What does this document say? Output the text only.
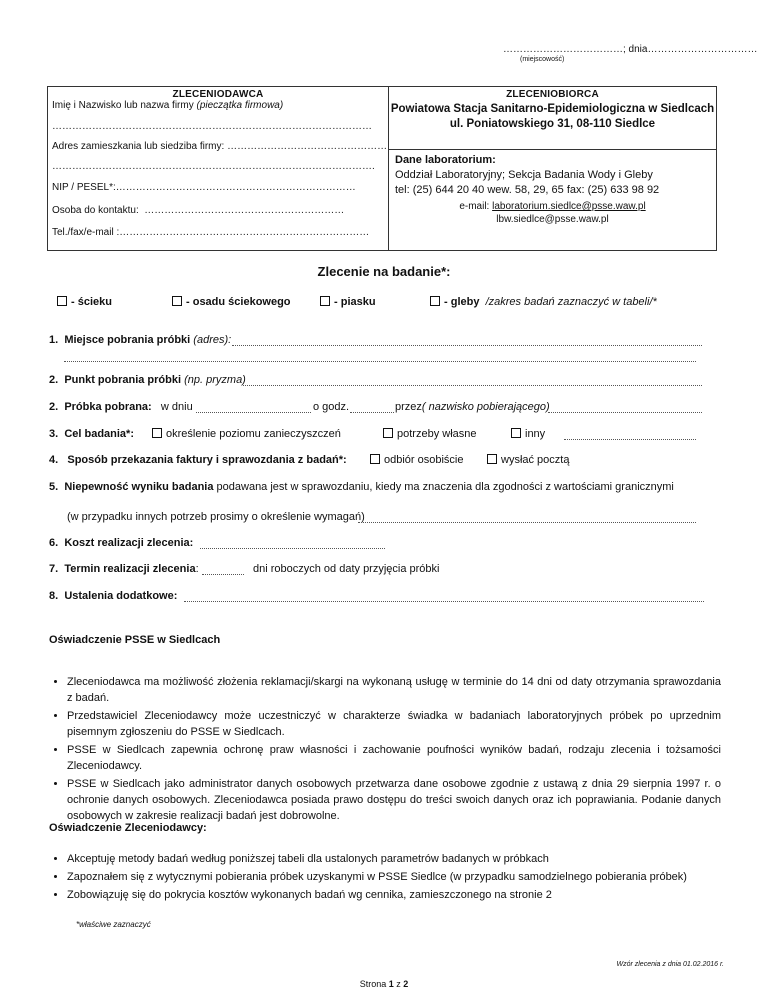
………………………………; dnia……………………………
(miejscowość)
ZLECENIODAWCA
Imię i Nazwisko lub nazwa firmy (pieczątka firmowa)
……………………………………………………………………………………
Adres zamieszkania lub siedziba firmy: …………………………………………
…………………………………………………………………………………….
NIP / PESEL*:………………………………………………………………
Osoba do kontaktu: ……………………………………………………
Tel./fax/e-mail :…………………………………………………………………
ZLECENIOBIORCA
Powiatowa Stacja Sanitarno-Epidemiologiczna w Siedlcach
ul. Poniatowskiego 31, 08-110 Siedlce
Dane laboratorium:
Oddział Laboratoryjny; Sekcja Badania Wody i Gleby
tel: (25) 644 20 40 wew. 58, 29, 65 fax: (25) 633 98 92
e-mail: laboratorium.siedlce@psse.waw.pl
lbw.siedlce@psse.waw.pl
Zlecenie na badanie*:
- ścieku	- osadu ściekowego	- piasku	- gleby /zakres badań zaznaczyć w tabeli/*
1. Miejsce pobrania próbki (adres):
2. Punkt pobrania próbki (np. pryzma)
2. Próbka pobrana: w dniu	o godz.	przez( nazwisko pobierającego)
3. Cel badania*:	określenie poziomu zanieczyszczeń	potrzeby własne	inny
4. Sposób przekazania faktury i sprawozdania z badań*:	odbiór osobiście	wysłać pocztą
5. Niepewność wyniku badania podawana jest w sprawozdaniu, kiedy ma znaczenia dla zgodności z wartościami granicznymi
(w przypadku innych potrzeb prosimy o określenie wymagań)
6. Koszt realizacji zlecenia:
7. Termin realizacji zlecenia:	dni roboczych od daty przyjęcia próbki
8. Ustalenia dodatkowe:
Oświadczenie PSSE w Siedlcach
• Zleceniodawca ma możliwość złożenia reklamacji/skargi na wykonaną usługę w terminie do 14 dni od daty otrzymania sprawozdania z badań.
• Przedstawiciel Zleceniodawcy może uczestniczyć w charakterze świadka w badaniach laboratoryjnych próbek po uprzednim pisemnym zgłoszeniu do PSSE w Siedlcach.
• PSSE w Siedlcach zapewnia ochronę praw własności i zachowanie poufności wyników badań, rodzaju zlecenia i tożsamości Zleceniodawcy.
• PSSE w Siedlcach jako administrator danych osobowych przetwarza dane osobowe zgodnie z ustawą z dnia 29 sierpnia 1997 r. o ochronie danych osobowych. Zleceniodawca posiada prawo dostępu do treści swoich danych oraz ich poprawiania. Podanie danych osobowych w zakresie realizacji badań jest dobrowolne.
Oświadczenie Zleceniodawcy:
• Akceptuję metody badań według poniższej tabeli dla ustalonych parametrów badanych w próbkach
• Zapoznałem się z wytycznymi pobierania próbek uzyskanymi w PSSE Siedlce (w przypadku samodzielnego pobierania próbek)
• Zobowiązuję się do pokrycia kosztów wykonanych badań wg cennika, zamieszczonego na stronie 2
*właściwe zaznaczyć
Wzór zlecenia z dnia 01.02.2016 r.
Strona 1 z 2
